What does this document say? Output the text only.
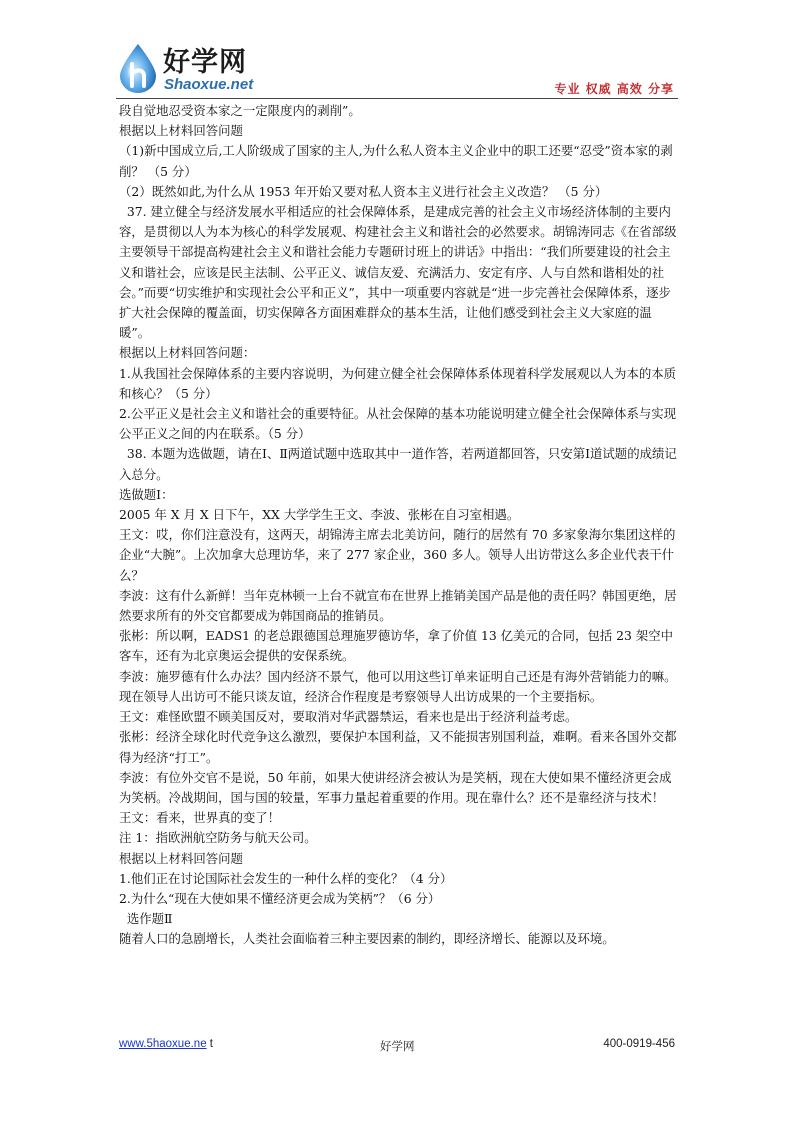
好学网
Shaoxue.net	专业 权威 高效 分享

段自觉地忍受资本家之一定限度内的剥削”。

根据以上材料回答问题

（1)新中国成立后,工人阶级成了国家的主人,为什么私人资本主义企业中的职工还要“忍受”资本家的剥削？ （5 分）

（2）既然如此,为什么从 1953 年开始又要对私人资本主义进行社会主义改造？ （5 分）

37. 建立健全与经济发展水平相适应的社会保障体系，是建成完善的社会主义市场经济体制的主要内容，是贯彻以人为本为核心的科学发展观、构建社会主义和谐社会的必然要求。胡锦涛同志《在省部级主要领导干部提高构建社会主义和谐社会能力专题研讨班上的讲话》中指出：“我们所要建设的社会主义和谐社会，应该是民主法制、公平正义、诚信友爱、充满活力、安定有序、人与自然和谐相处的社会。”而要“切实维护和实现社会公平和正义”，其中一项重要内容就是“进一步完善社会保障体系，逐步扩大社会保障的覆盖面，切实保障各方面困难群众的基本生活，让他们感受到社会主义大家庭的温暖”。

根据以上材料回答问题：

1.从我国社会保障体系的主要内容说明，为何建立健全社会保障体系体现着科学发展观以人为本的本质和核心？（5 分）

2.公平正义是社会主义和谐社会的重要特征。从社会保障的基本功能说明建立健全社会保障体系与实现公平正义之间的内在联系。（5 分）

38. 本题为选做题，请在Ⅰ、Ⅱ两道试题中选取其中一道作答，若两道都回答，只安第Ⅰ道试题的成绩记入总分。

选做题Ⅰ：

2005 年 X 月 X 日下午，XX 大学学生王文、李波、张彬在自习室相遇。

王文：哎，你们注意没有，这两天，胡锦涛主席去北美访问，随行的居然有 70 多家象海尔集团这样的企业“大腕”。上次加拿大总理访华，来了 277 家企业，360 多人。领导人出访带这么多企业代表干什么？

李波：这有什么新鲜！当年克林顿一上台不就宣布在世界上推销美国产品是他的责任吗？韩国更绝，居然要求所有的外交官都要成为韩国商品的推销员。

张彬：所以啊，EADS1 的老总跟德国总理施罗德访华，拿了价值 13 亿美元的合同，包括 23 架空中客车，还有为北京奥运会提供的安保系统。

李波：施罗德有什么办法？国内经济不景气，他可以用这些订单来证明自己还是有海外营销能力的嘛。现在领导人出访可不能只谈友谊，经济合作程度是考察领导人出访成果的一个主要指标。

王文：难怪欧盟不顾美国反对，要取消对华武器禁运，看来也是出于经济利益考虑。

张彬：经济全球化时代竞争这么激烈，要保护本国利益，又不能损害别国利益，难啊。看来各国外交都得为经济“打工”。

李波：有位外交官不是说，50 年前，如果大使讲经济会被认为是笑柄，现在大使如果不懂经济更会成为笑柄。冷战期间，国与国的较量，军事力量起着重要的作用。现在靠什么？还不是靠经济与技术！

王文：看来，世界真的变了！

注 1：指欧洲航空防务与航天公司。

根据以上材料回答问题

1.他们正在讨论国际社会发生的一种什么样的变化？（4 分）

2.为什么“现在大使如果不懂经济更会成为笑柄”？（6 分）

选作题Ⅱ

随着人口的急剧增长，人类社会面临着三种主要因素的制约，即经济增长、能源以及环境。

www.5haoxue.ne t	好学网	400-0919-456
